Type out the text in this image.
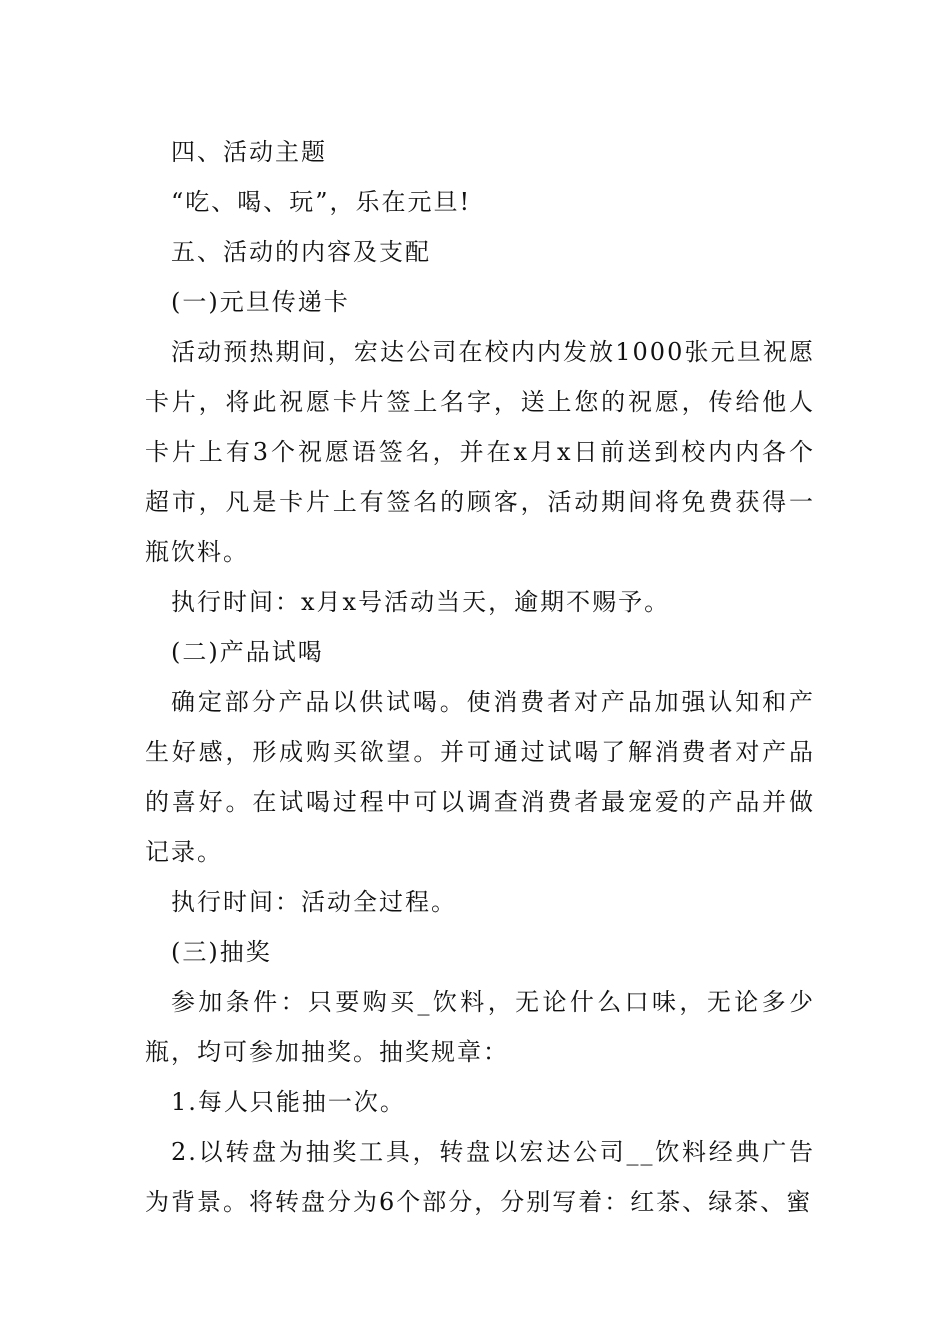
四、活动主题

“吃、喝、玩”，乐在元旦!

五、活动的内容及支配

(一)元旦传递卡

活动预热期间，宏达公司在校内内发放1000张元旦祝愿卡片，将此祝愿卡片签上名字，送上您的祝愿，传给他人卡片上有3个祝愿语签名，并在x月x日前送到校内内各个超市，凡是卡片上有签名的顾客，活动期间将免费获得一瓶饮料。

执行时间：x月x号活动当天，逾期不赐予。

(二)产品试喝

确定部分产品以供试喝。使消费者对产品加强认知和产生好感，形成购买欲望。并可通过试喝了解消费者对产品的喜好。在试喝过程中可以调查消费者最宠爱的产品并做记录。

执行时间：活动全过程。

(三)抽奖

参加条件：只要购买_饮料，无论什么口味，无论多少瓶，均可参加抽奖。抽奖规章：

1.每人只能抽一次。

2.以转盘为抽奖工具，转盘以宏达公司__饮料经典广告为背景。将转盘分为6个部分，分别写着：红茶、绿茶、蜜
